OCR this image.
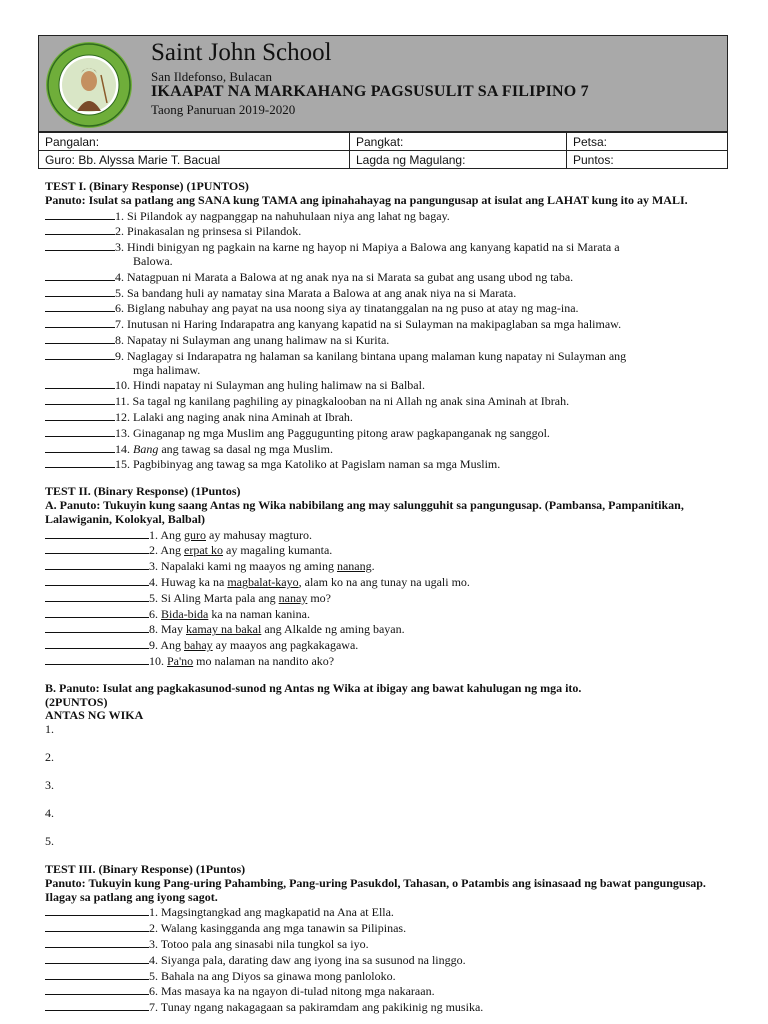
Saint John School
San Ildefonso, Bulacan
IKAAPAT NA MARKAHANG PAGSUSULIT SA FILIPINO 7
Taong Panuruan 2019-2020
Pangalan:	Pangkat:	Petsa:
Guro: Bb. Alyssa Marie T. Bacual	Lagda ng Magulang:	Puntos:
TEST I. (Binary Response) (1PUNTOS)
Panuto: Isulat sa patlang ang SANA kung TAMA ang ipinahahayag na pangungusap at isulat ang LAHAT kung ito ay MALI.
1. Si Pilandok ay nagpanggap na nahuhulaan niya ang lahat ng bagay.
2. Pinakasalan ng prinsesa si Pilandok.
3. Hindi binigyan ng pagkain na karne ng hayop ni Mapiya a Balowa ang kanyang kapatid na si Marata a
Balowa.
4. Natagpuan ni Marata a Balowa at ng anak nya na si Marata sa gubat ang usang ubod ng taba.
5. Sa bandang huli ay namatay sina Marata a Balowa at ang anak niya na si Marata.
6. Biglang nabuhay ang payat na usa noong siya ay tinatanggalan na ng puso at atay ng mag-ina.
7. Inutusan ni Haring Indarapatra ang kanyang kapatid na si Sulayman na makipaglaban sa mga halimaw.
8. Napatay ni Sulayman ang unang halimaw na si Kurita.
9. Naglagay si Indarapatra ng halaman sa kanilang bintana upang malaman kung napatay ni Sulayman ang
mga halimaw.
10. Hindi napatay ni Sulayman ang huling halimaw na si Balbal.
11. Sa tagal ng kanilang paghiling ay pinagkalooban na ni Allah ng anak sina Aminah at Ibrah.
12. Lalaki ang naging anak nina Aminah at Ibrah.
13. Ginaganap ng mga Muslim ang Paggugunting pitong araw pagkapanganak ng sanggol.
14. Bang ang tawag sa dasal ng mga Muslim.
15. Pagbibinyag ang tawag sa mga Katoliko at Pagislam naman sa mga Muslim.
TEST II. (Binary Response) (1Puntos)
A. Panuto: Tukuyin kung saang Antas ng Wika nabibilang ang may salungguhit sa pangungusap. (Pambansa, Pampanitikan, Lalawiganin, Kolokyal, Balbal)
1. Ang guro ay mahusay magturo.
2. Ang erpat ko ay magaling kumanta.
3. Napalaki kami ng maayos ng aming nanang.
4. Huwag ka na magbalat-kayo, alam ko na ang tunay na ugali mo.
5. Si Aling Marta pala ang nanay mo?
6. Bida-bida ka na naman kanina.
8. May kamay na bakal ang Alkalde ng aming bayan.
9. Ang bahay ay maayos ang pagkakagawa.
10. Pa'no mo nalaman na nandito ako?
B. Panuto: Isulat ang pagkakasunod-sunod ng Antas ng Wika at ibigay ang bawat kahulugan ng mga ito.
(2PUNTOS)
ANTAS NG WIKA
1.
2.
3.
4.
5.
TEST III. (Binary Response) (1Puntos)
Panuto: Tukuyin kung Pang-uring Pahambing, Pang-uring Pasukdol, Tahasan, o Patambis ang isinasaad ng bawat pangungusap. Ilagay sa patlang ang iyong sagot.
1. Magsingtangkad ang magkapatid na Ana at Ella.
2. Walang kasingganda ang mga tanawin sa Pilipinas.
3. Totoo pala ang sinasabi nila tungkol sa iyo.
4. Siyanga pala, darating daw ang iyong ina sa susunod na linggo.
5. Bahala na ang Diyos sa ginawa mong panloloko.
6. Mas masaya ka na ngayon di-tulad nitong mga nakaraan.
7. Tunay ngang nakagagaan sa pakiramdam ang pakikinig ng musika.
